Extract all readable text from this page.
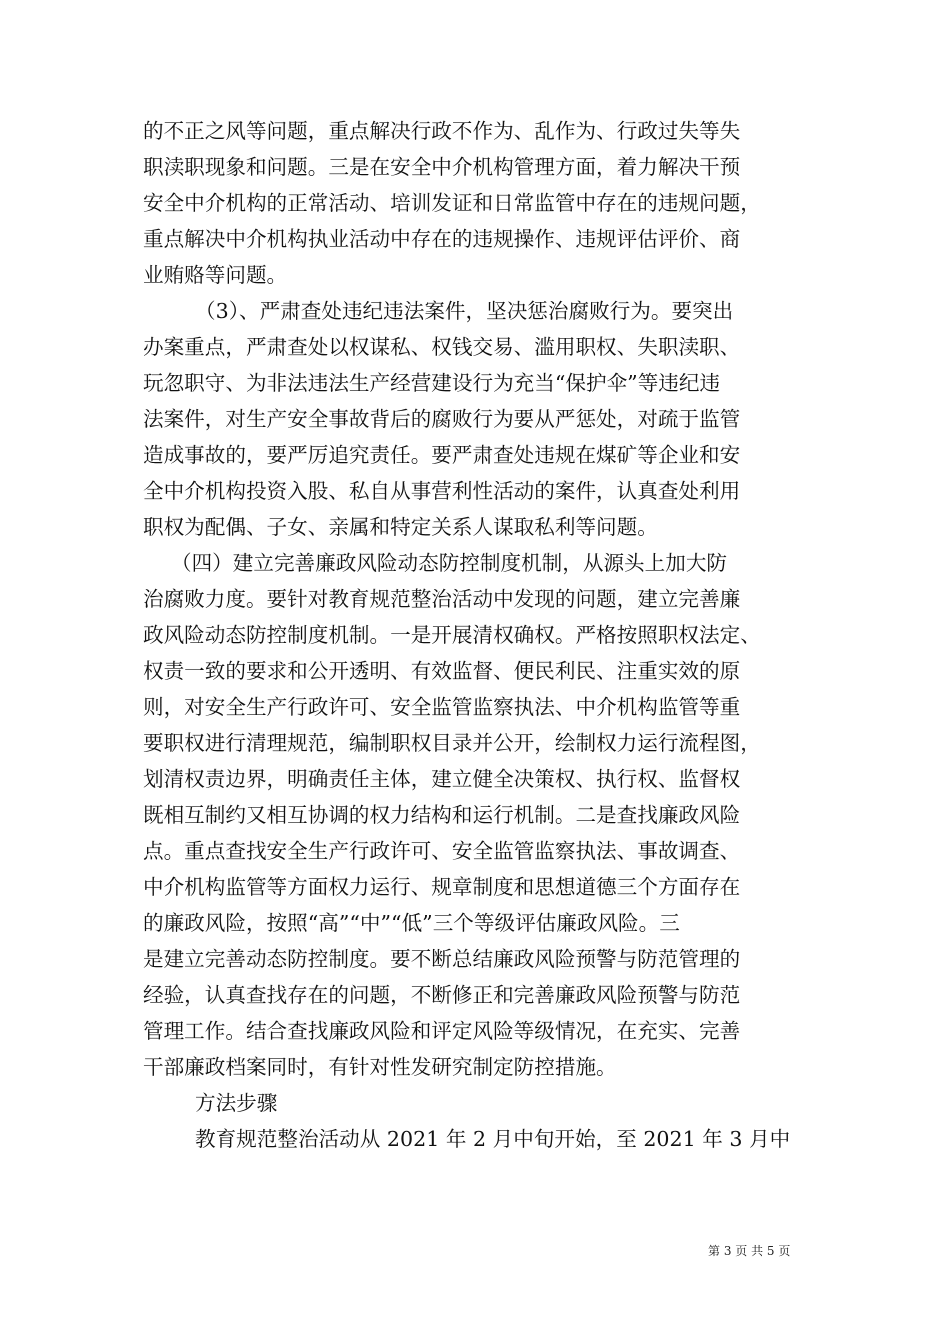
的不正之风等问题，重点解决行政不作为、乱作为、行政过失等失
职渎职现象和问题。三是在安全中介机构管理方面，着力解决干预
安全中介机构的正常活动、培训发证和日常监管中存在的违规问题，
重点解决中介机构执业活动中存在的违规操作、违规评估评价、商
业贿赂等问题。
（3）、严肃查处违纪违法案件，坚决惩治腐败行为。要突出
办案重点，严肃查处以权谋私、权钱交易、滥用职权、失职渎职、
玩忽职守、为非法违法生产经营建设行为充当“保护伞”等违纪违
法案件，对生产安全事故背后的腐败行为要从严惩处，对疏于监管
造成事故的，要严厉追究责任。要严肃查处违规在煤矿等企业和安
全中介机构投资入股、私自从事营利性活动的案件，认真查处利用
职权为配偶、子女、亲属和特定关系人谋取私利等问题。
（四）建立完善廉政风险动态防控制度机制，从源头上加大防
治腐败力度。要针对教育规范整治活动中发现的问题，建立完善廉
政风险动态防控制度机制。一是开展清权确权。严格按照职权法定、
权责一致的要求和公开透明、有效监督、便民利民、注重实效的原
则，对安全生产行政许可、安全监管监察执法、中介机构监管等重
要职权进行清理规范，编制职权目录并公开，绘制权力运行流程图，
划清权责边界，明确责任主体，建立健全决策权、执行权、监督权
既相互制约又相互协调的权力结构和运行机制。二是查找廉政风险
点。重点查找安全生产行政许可、安全监管监察执法、事故调查、
中介机构监管等方面权力运行、规章制度和思想道德三个方面存在
的廉政风险，按照“高”“中”“低”三个等级评估廉政风险。三
是建立完善动态防控制度。要不断总结廉政风险预警与防范管理的
经验，认真查找存在的问题，不断修正和完善廉政风险预警与防范
管理工作。结合查找廉政风险和评定风险等级情况，在充实、完善
干部廉政档案同时，有针对性发研究制定防控措施。
方法步骤
教育规范整治活动从 2021 年 2 月中旬开始，至 2021 年 3 月中
第 3 页 共 5 页
